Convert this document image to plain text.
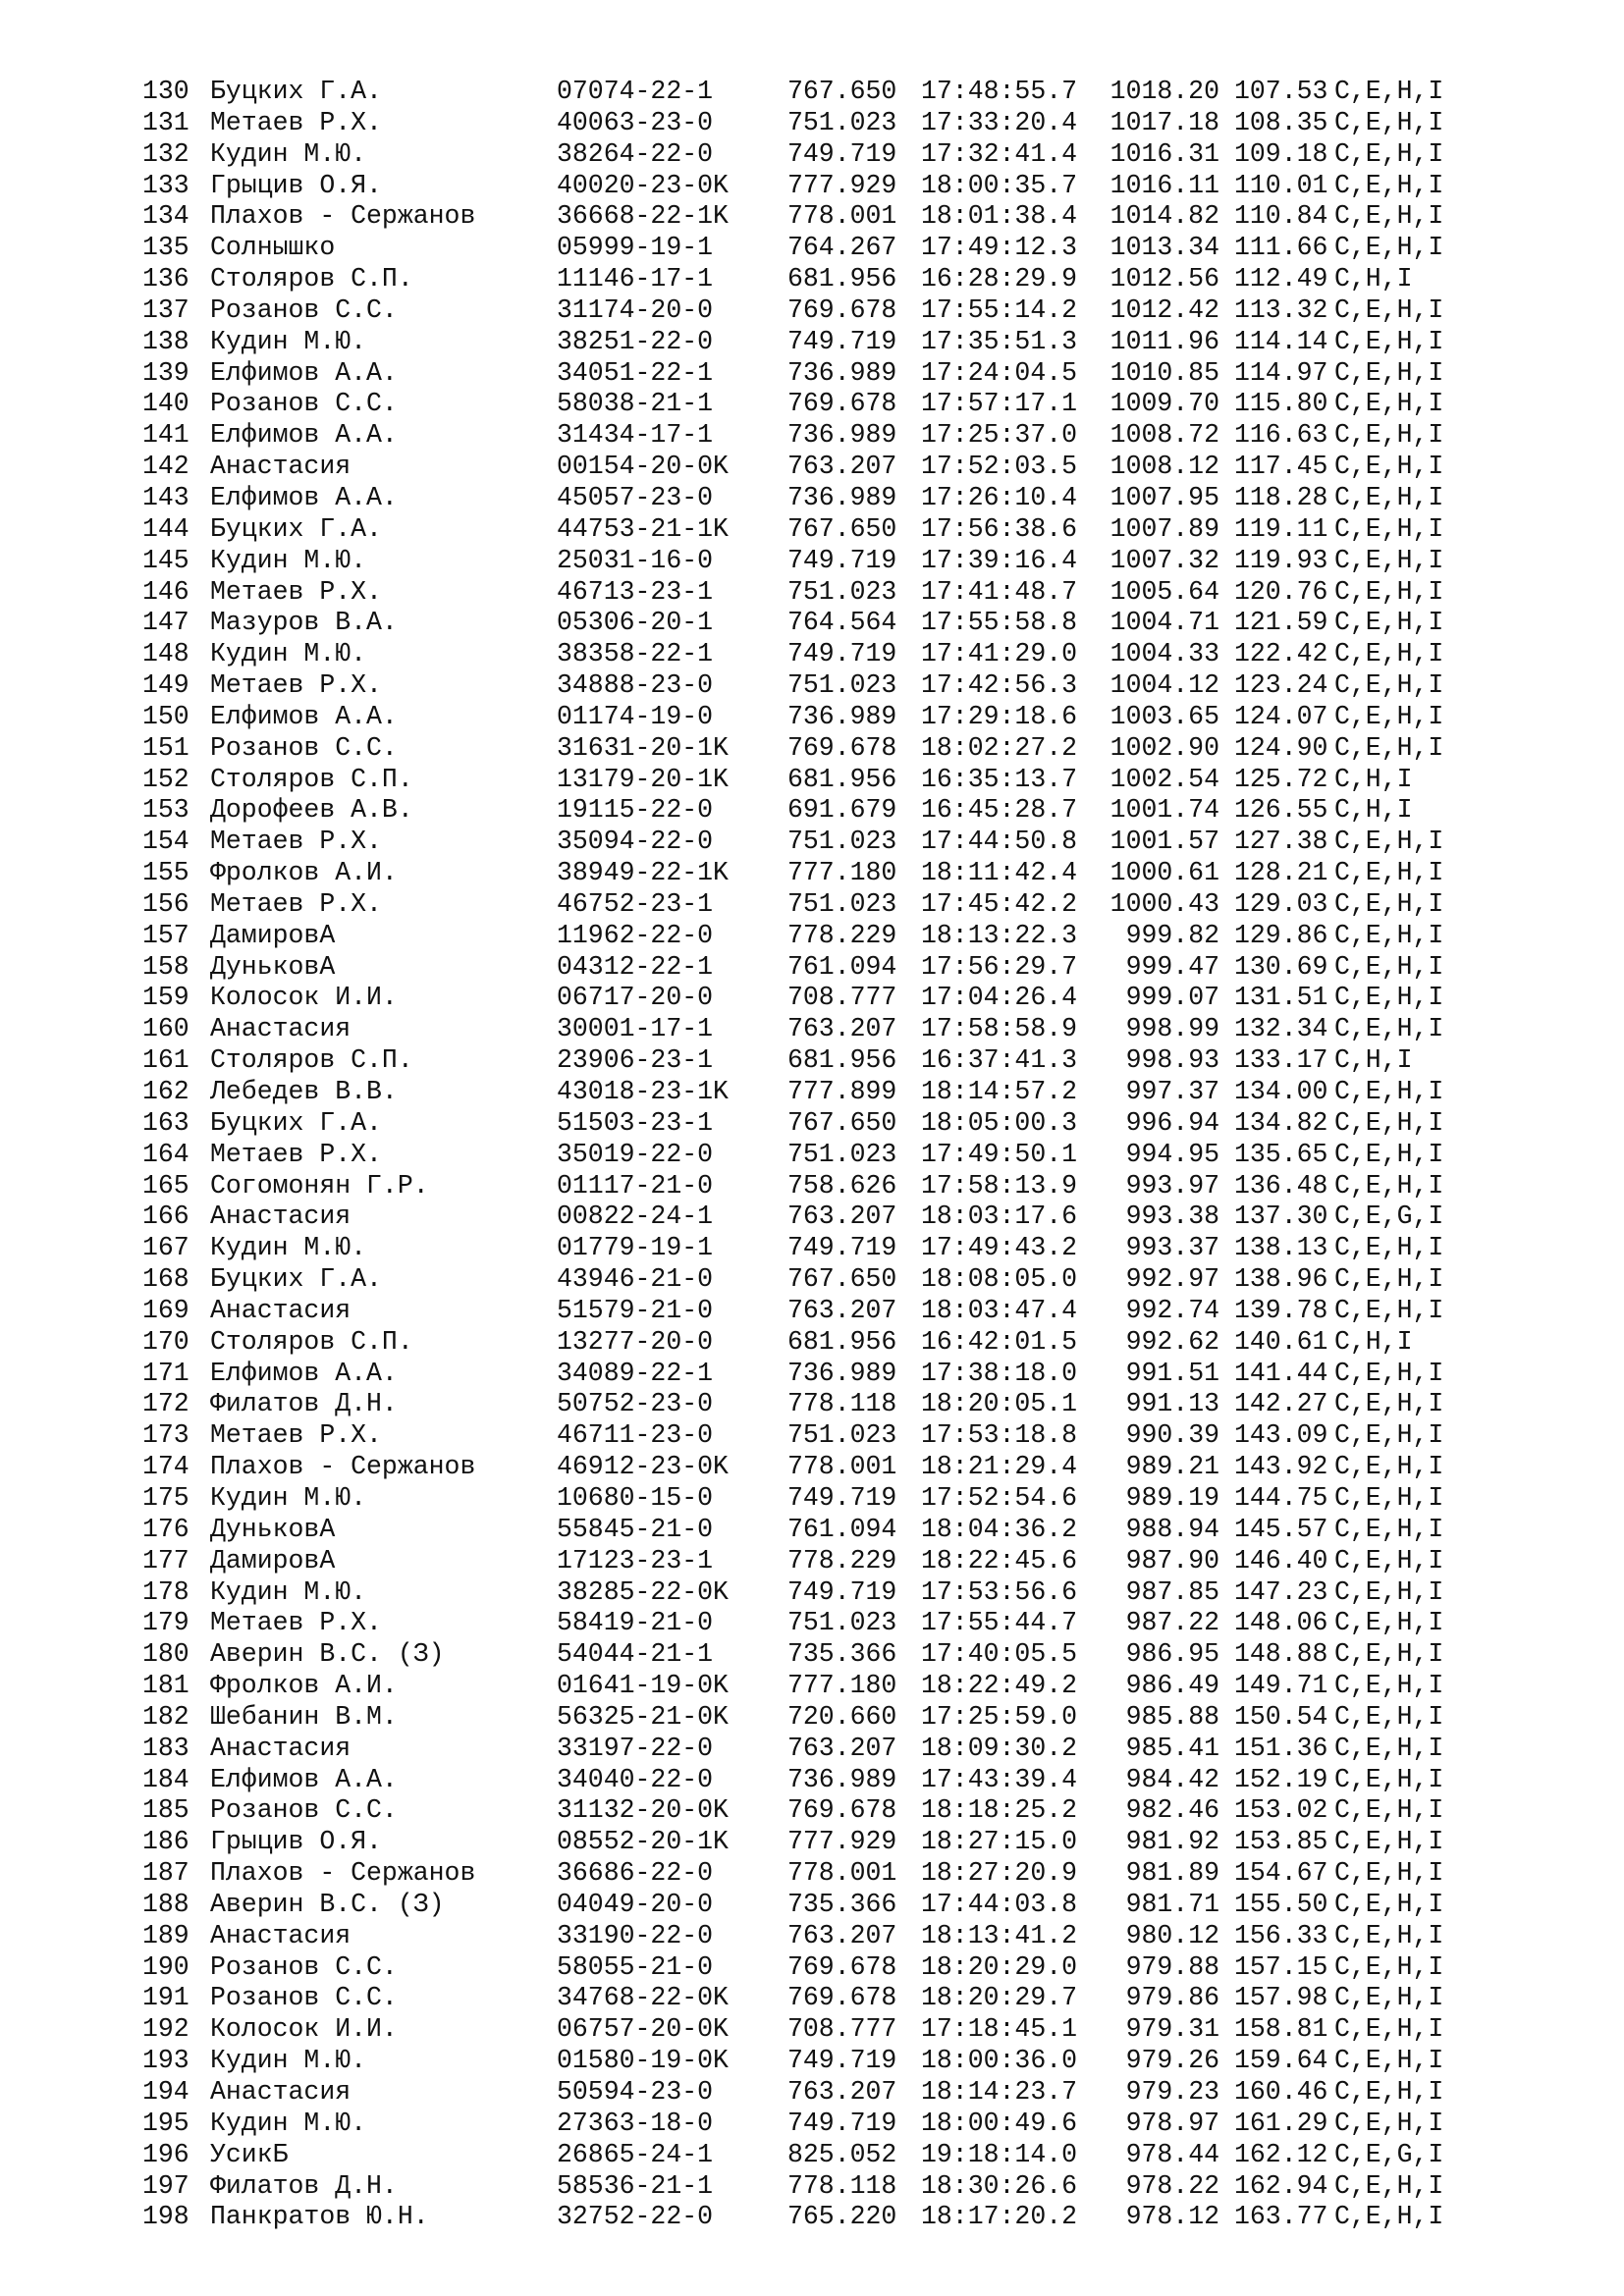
130 Буцких Г.А.	07074-22-1	767.650 17:48:55.7	1018.20 107.53 C,E,H,I
131 Метаев Р.Х.	40063-23-0	751.023 17:33:20.4	1017.18 108.35 C,E,H,I
132 Кудин М.Ю.	38264-22-0	749.719 17:32:41.4	1016.31 109.18 C,E,H,I
133 Грыцив О.Я.	40020-23-0K	777.929 18:00:35.7	1016.11 110.01 C,E,H,I
134 Плахов - Сержанов	36668-22-1K	778.001 18:01:38.4	1014.82 110.84 C,E,H,I
135 Солнышко	05999-19-1	764.267 17:49:12.3	1013.34 111.66 C,E,H,I
136 Столяров С.П.	11146-17-1	681.956 16:28:29.9	1012.56 112.49 C,H,I
137 Розанов С.С.	31174-20-0	769.678 17:55:14.2	1012.42 113.32 C,E,H,I
138 Кудин М.Ю.	38251-22-0	749.719 17:35:51.3	1011.96 114.14 C,E,H,I
139 Елфимов А.А.	34051-22-1	736.989 17:24:04.5	1010.85 114.97 C,E,H,I
140 Розанов С.С.	58038-21-1	769.678 17:57:17.1	1009.70 115.80 C,E,H,I
141 Елфимов А.А.	31434-17-1	736.989 17:25:37.0	1008.72 116.63 C,E,H,I
142 Анастасия	00154-20-0K	763.207 17:52:03.5	1008.12 117.45 C,E,H,I
143 Елфимов А.А.	45057-23-0	736.989 17:26:10.4	1007.95 118.28 C,E,H,I
144 Буцких Г.А.	44753-21-1K	767.650 17:56:38.6	1007.89 119.11 C,E,H,I
145 Кудин М.Ю.	25031-16-0	749.719 17:39:16.4	1007.32 119.93 C,E,H,I
146 Метаев Р.Х.	46713-23-1	751.023 17:41:48.7	1005.64 120.76 C,E,H,I
147 Мазуров В.А.	05306-20-1	764.564 17:55:58.8	1004.71 121.59 C,E,H,I
148 Кудин М.Ю.	38358-22-1	749.719 17:41:29.0	1004.33 122.42 C,E,H,I
149 Метаев Р.Х.	34888-23-0	751.023 17:42:56.3	1004.12 123.24 C,E,H,I
150 Елфимов А.А.	01174-19-0	736.989 17:29:18.6	1003.65 124.07 C,E,H,I
151 Розанов С.С.	31631-20-1K	769.678 18:02:27.2	1002.90 124.90 C,E,H,I
152 Столяров С.П.	13179-20-1K	681.956 16:35:13.7	1002.54 125.72 C,H,I
153 Дорофеев А.В.	19115-22-0	691.679 16:45:28.7	1001.74 126.55 C,H,I
154 Метаев Р.Х.	35094-22-0	751.023 17:44:50.8	1001.57 127.38 C,E,H,I
155 Фролков А.И.	38949-22-1K	777.180 18:11:42.4	1000.61 128.21 C,E,H,I
156 Метаев Р.Х.	46752-23-1	751.023 17:45:42.2	1000.43 129.03 C,E,H,I
157 ДамировА	11962-22-0	778.229 18:13:22.3	999.82 129.86 C,E,H,I
158 ДуньковА	04312-22-1	761.094 17:56:29.7	999.47 130.69 C,E,H,I
159 Колосок И.И.	06717-20-0	708.777 17:04:26.4	999.07 131.51 C,E,H,I
160 Анастасия	30001-17-1	763.207 17:58:58.9	998.99 132.34 C,E,H,I
161 Столяров С.П.	23906-23-1	681.956 16:37:41.3	998.93 133.17 C,H,I
162 Лебедев В.В.	43018-23-1K	777.899 18:14:57.2	997.37 134.00 C,E,H,I
163 Буцких Г.А.	51503-23-1	767.650 18:05:00.3	996.94 134.82 C,E,H,I
164 Метаев Р.Х.	35019-22-0	751.023 17:49:50.1	994.95 135.65 C,E,H,I
165 Согомонян Г.Р.	01117-21-0	758.626 17:58:13.9	993.97 136.48 C,E,H,I
166 Анастасия	00822-24-1	763.207 18:03:17.6	993.38 137.30 C,E,G,I
167 Кудин М.Ю.	01779-19-1	749.719 17:49:43.2	993.37 138.13 C,E,H,I
168 Буцких Г.А.	43946-21-0	767.650 18:08:05.0	992.97 138.96 C,E,H,I
169 Анастасия	51579-21-0	763.207 18:03:47.4	992.74 139.78 C,E,H,I
170 Столяров С.П.	13277-20-0	681.956 16:42:01.5	992.62 140.61 C,H,I
171 Елфимов А.А.	34089-22-1	736.989 17:38:18.0	991.51 141.44 C,E,H,I
172 Филатов Д.Н.	50752-23-0	778.118 18:20:05.1	991.13 142.27 C,E,H,I
173 Метаев Р.Х.	46711-23-0	751.023 17:53:18.8	990.39 143.09 C,E,H,I
174 Плахов - Сержанов	46912-23-0K	778.001 18:21:29.4	989.21 143.92 C,E,H,I
175 Кудин М.Ю.	10680-15-0	749.719 17:52:54.6	989.19 144.75 C,E,H,I
176 ДуньковА	55845-21-0	761.094 18:04:36.2	988.94 145.57 C,E,H,I
177 ДамировА	17123-23-1	778.229 18:22:45.6	987.90 146.40 C,E,H,I
178 Кудин М.Ю.	38285-22-0K	749.719 17:53:56.6	987.85 147.23 C,E,H,I
179 Метаев Р.Х.	58419-21-0	751.023 17:55:44.7	987.22 148.06 C,E,H,I
180 Аверин В.С. (З)	54044-21-1	735.366 17:40:05.5	986.95 148.88 C,E,H,I
181 Фролков А.И.	01641-19-0K	777.180 18:22:49.2	986.49 149.71 C,E,H,I
182 Шебанин В.М.	56325-21-0K	720.660 17:25:59.0	985.88 150.54 C,E,H,I
183 Анастасия	33197-22-0	763.207 18:09:30.2	985.41 151.36 C,E,H,I
184 Елфимов А.А.	34040-22-0	736.989 17:43:39.4	984.42 152.19 C,E,H,I
185 Розанов С.С.	31132-20-0K	769.678 18:18:25.2	982.46 153.02 C,E,H,I
186 Грыцив О.Я.	08552-20-1K	777.929 18:27:15.0	981.92 153.85 C,E,H,I
187 Плахов - Сержанов	36686-22-0	778.001 18:27:20.9	981.89 154.67 C,E,H,I
188 Аверин В.С. (З)	04049-20-0	735.366 17:44:03.8	981.71 155.50 C,E,H,I
189 Анастасия	33190-22-0	763.207 18:13:41.2	980.12 156.33 C,E,H,I
190 Розанов С.С.	58055-21-0	769.678 18:20:29.0	979.88 157.15 C,E,H,I
191 Розанов С.С.	34768-22-0K	769.678 18:20:29.7	979.86 157.98 C,E,H,I
192 Колосок И.И.	06757-20-0K	708.777 17:18:45.1	979.31 158.81 C,E,H,I
193 Кудин М.Ю.	01580-19-0K	749.719 18:00:36.0	979.26 159.64 C,E,H,I
194 Анастасия	50594-23-0	763.207 18:14:23.7	979.23 160.46 C,E,H,I
195 Кудин М.Ю.	27363-18-0	749.719 18:00:49.6	978.97 161.29 C,E,H,I
196 УсикБ	26865-24-1	825.052 19:18:14.0	978.44 162.12 C,E,G,I
197 Филатов Д.Н.	58536-21-1	778.118 18:30:26.6	978.22 162.94 C,E,H,I
198 Панкратов Ю.Н.	32752-22-0	765.220 18:17:20.2	978.12 163.77 C,E,H,I
